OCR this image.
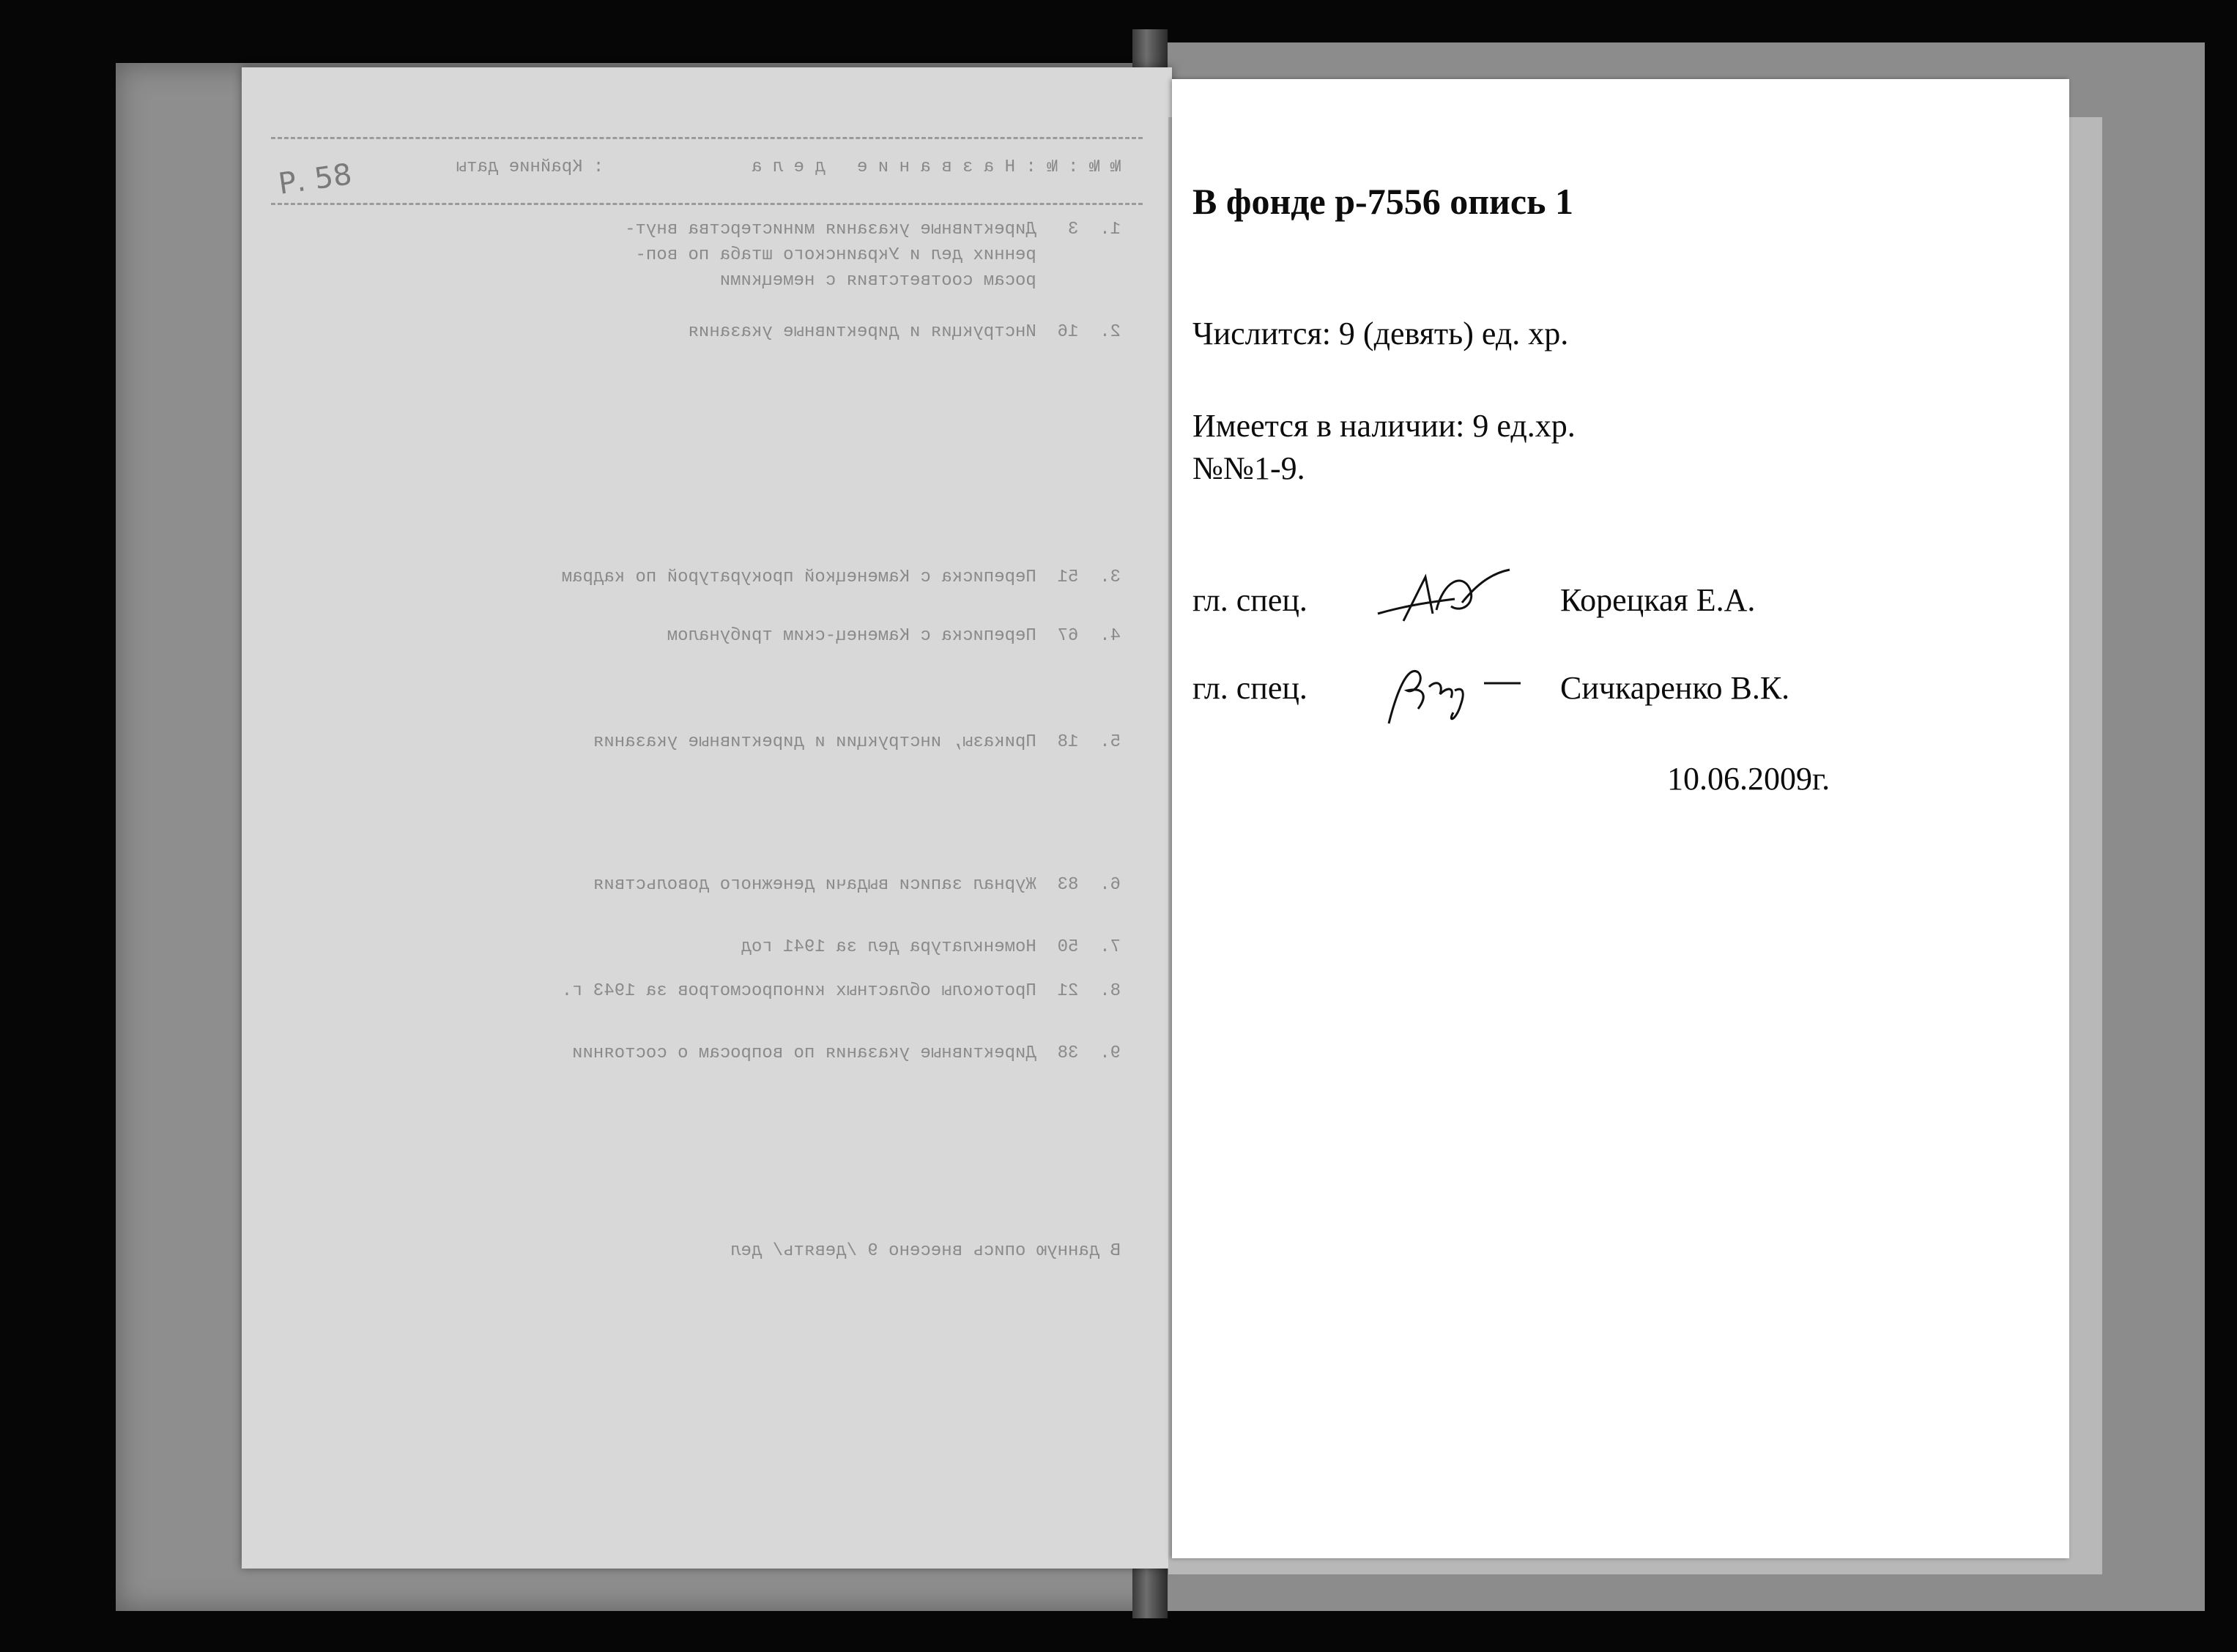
Р. 58	№ № : № : Н а з в а н и е   д е л а              : Крайние даты
1.  3   Директивные указания министерства внут-
ренних дел и Украинского штаба по воп-
росам соответствия с немецкими
2.  16  Инструкция и директивные указания
3.  51  Переписка с Каменецкой прокуратурой по кадрам
4.  67  Переписка с Каменец-ским трибуналом
5.  18  Приказы, инструкции и директивные указания
6.  83  Журнал записи выдачи денежного довольствия
7.  50  Номенклатура дел за 1941 год
8.  21  Протоколы областных кинопросмотров за 1943 г.
9.  38  Директивные указания по вопросам о состоянии
В данную опись внесено 9 /девять/ дел
В фонде р-7556 опись 1
Числится: 9 (девять) ед. хр.
Имеется в наличии: 9 ед.хр.
№№1-9.
гл. спец.	Корецкая Е.А.
гл. спец.	Сичкаренко В.К.
10.06.2009г.
